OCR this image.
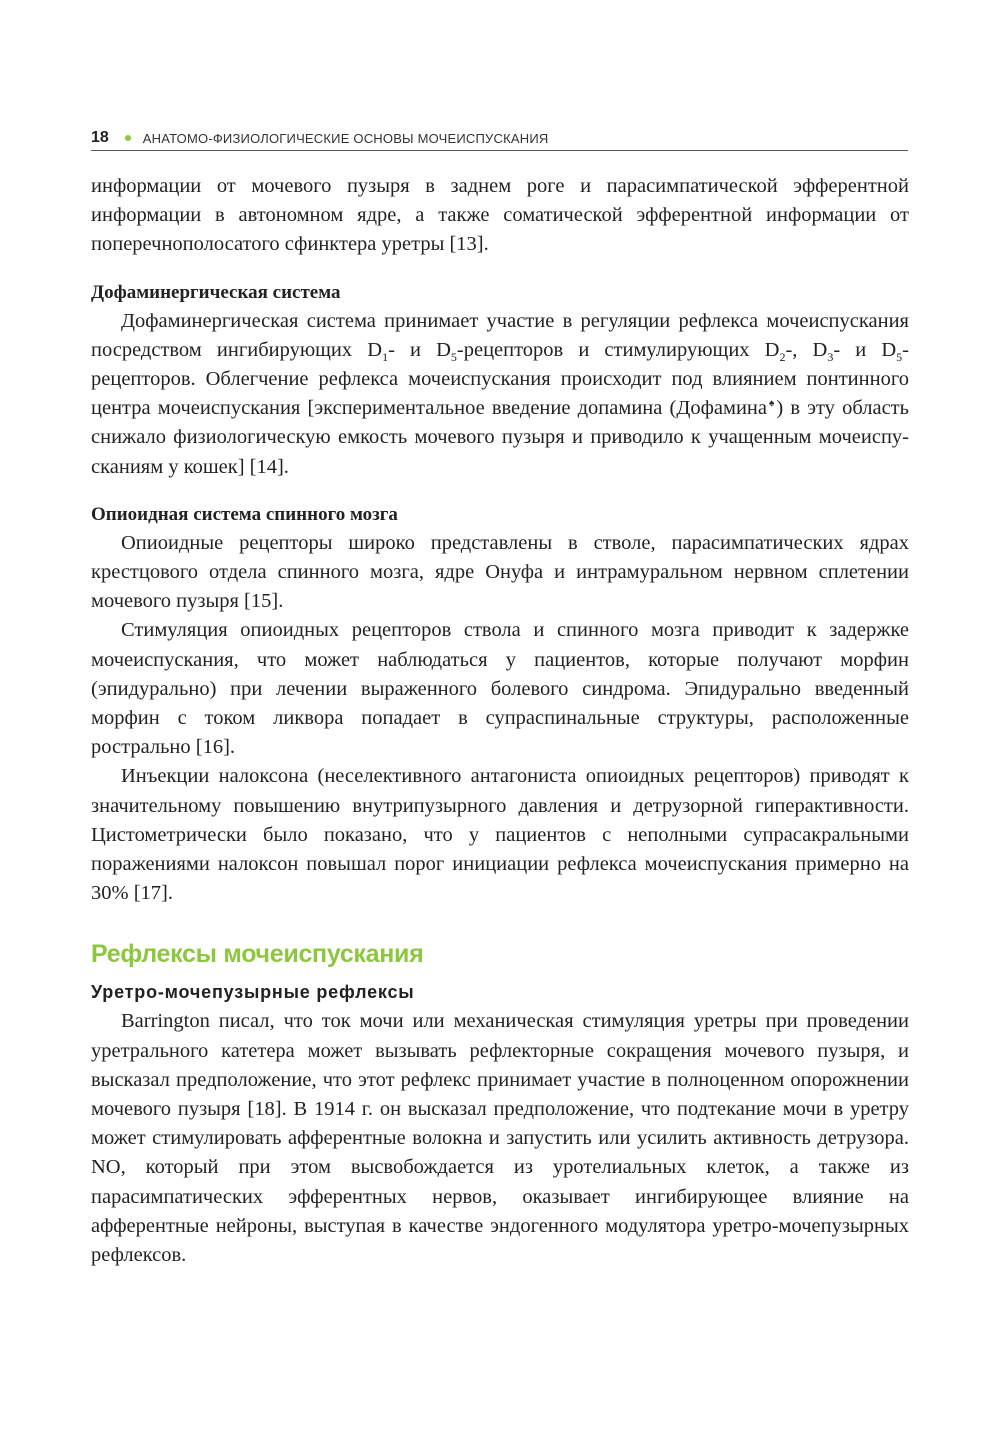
18	АНАТОМО-ФИЗИОЛОГИЧЕСКИЕ ОСНОВЫ МОЧЕИСПУСКАНИЯ

информации от мочевого пузыря в заднем роге и парасимпатической эфферентной информации в автономном ядре, а также соматической эфферентной информации от поперечнополосатого сфинктера уретры [13].

Дофаминергическая система

Дофаминергическая система принимает участие в регуляции рефлекса мочеиспускания посредством ингибирующих $D_1-$ и $D_5$-рецепторов и стимулирующих $D_2-$, $D_3-$ и $D_5$-рецепторов. Облегчение рефлекса мочеиспускания происходит под влиянием понтинного центра мочеиспускания [экспериментальное введение допамина (Дофамина♠) в эту область снижало физиологическую емкость мочевого пузыря и приводило к учащенным мочеиспусканиям у кошек] [14].

Опиоидная система спинного мозга

Опиоидные рецепторы широко представлены в стволе, парасимпатических ядрах крестцового отдела спинного мозга, ядре Онуфа и интрамуральном нервном сплетении мочевого пузыря [15].

Стимуляция опиоидных рецепторов ствола и спинного мозга приводит к задержке мочеиспускания, что может наблюдаться у пациентов, которые получают морфин (эпидурально) при лечении выраженного болевого синдрома. Эпидурально введенный морфин с током ликвора попадает в супраспинальные структуры, расположенные рострально [16].

Инъекции налоксона (неселективного антагониста опиоидных рецепторов) приводят к значительному повышению внутрипузырного давления и детрузорной гиперактивности. Цистометрически было показано, что у пациентов с неполными супрасакральными поражениями налоксон повышал порог инициации рефлекса мочеиспускания примерно на 30% [17].

Рефлексы мочеиспускания
Уретро-мочепузырные рефлексы

Barrington писал, что ток мочи или механическая стимуляция уретры при проведении уретрального катетера может вызывать рефлекторные сокращения мочевого пузыря, и высказал предположение, что этот рефлекс принимает участие в полноценном опорожнении мочевого пузыря [18]. В 1914 г. он высказал предположение, что подтекание мочи в уретру может стимулировать афферентные волокна и запустить или усилить активность детрузора. NO, который при этом высвобождается из уротелиальных клеток, а также из парасимпатических эфферентных нервов, оказывает ингибирующее влияние на афферентные нейроны, выступая в качестве эндогенного модулятора уретро-мочепузырных рефлексов.
